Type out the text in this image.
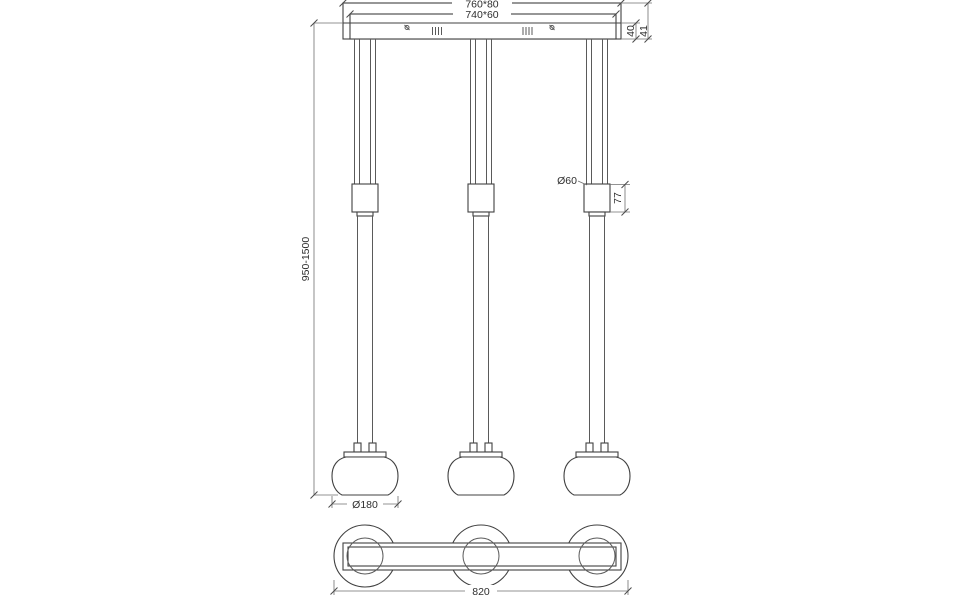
760*80
740*60
40 41
Ø60
77
950-1500
Ø180
820
